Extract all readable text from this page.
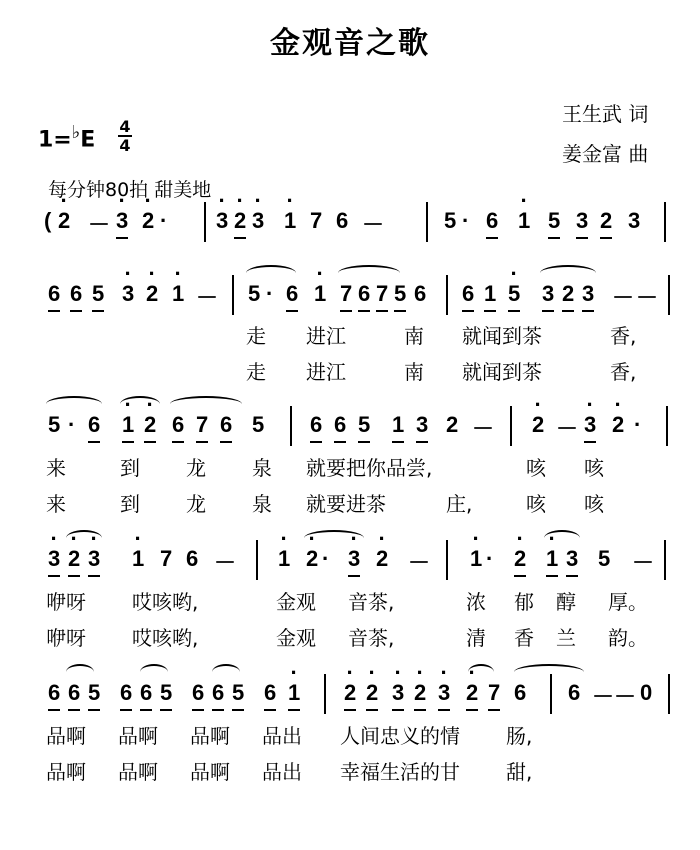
金观音之歌
王生武 词
姜金富 曲
1=♭E
4
4
每分钟80拍 甜美地
( · 2 － · 3 · 2 · · 3 · 2 · 3 · 1 7 6 －	5 · 6 · 1 5 3 2 3
6 6 5 · 3 · 2 · 1 － 5 · 6 · 1 7 6 7 5 6 6 1 · 5 3 2 3 － －
走 进江	南 就闻到茶	香,
走 进江	南 就闻到茶	香,
5 · 6 · 1 · 2 6 7 6 5 6 6 5 1 3 2 － · 2 － · 3 · 2 ·
来	到 龙 泉 就要把你品尝,	咳 咳
来	到 龙 泉 就要进茶	庄,	咳 咳
· 3 · 2 · 3 · 1 7 6 － · 1 · 2 · · 3 · 2 － · 1 · · 2 · 1 3 5 －
咿呀 哎咳哟,	金观 音茶,	浓 郁 醇 厚。
咿呀 哎咳哟,	金观 音茶,	清 香 兰 韵。
6 6 5 6 6 5 6 6 5 6 · 1 · 2 · 2 · 3 · 2 · 3 · 2 7 6 6 － － 0
品啊 品啊 品啊 品出 人间忠义的情 肠,
品啊 品啊 品啊 品出 幸福生活的甘 甜,
